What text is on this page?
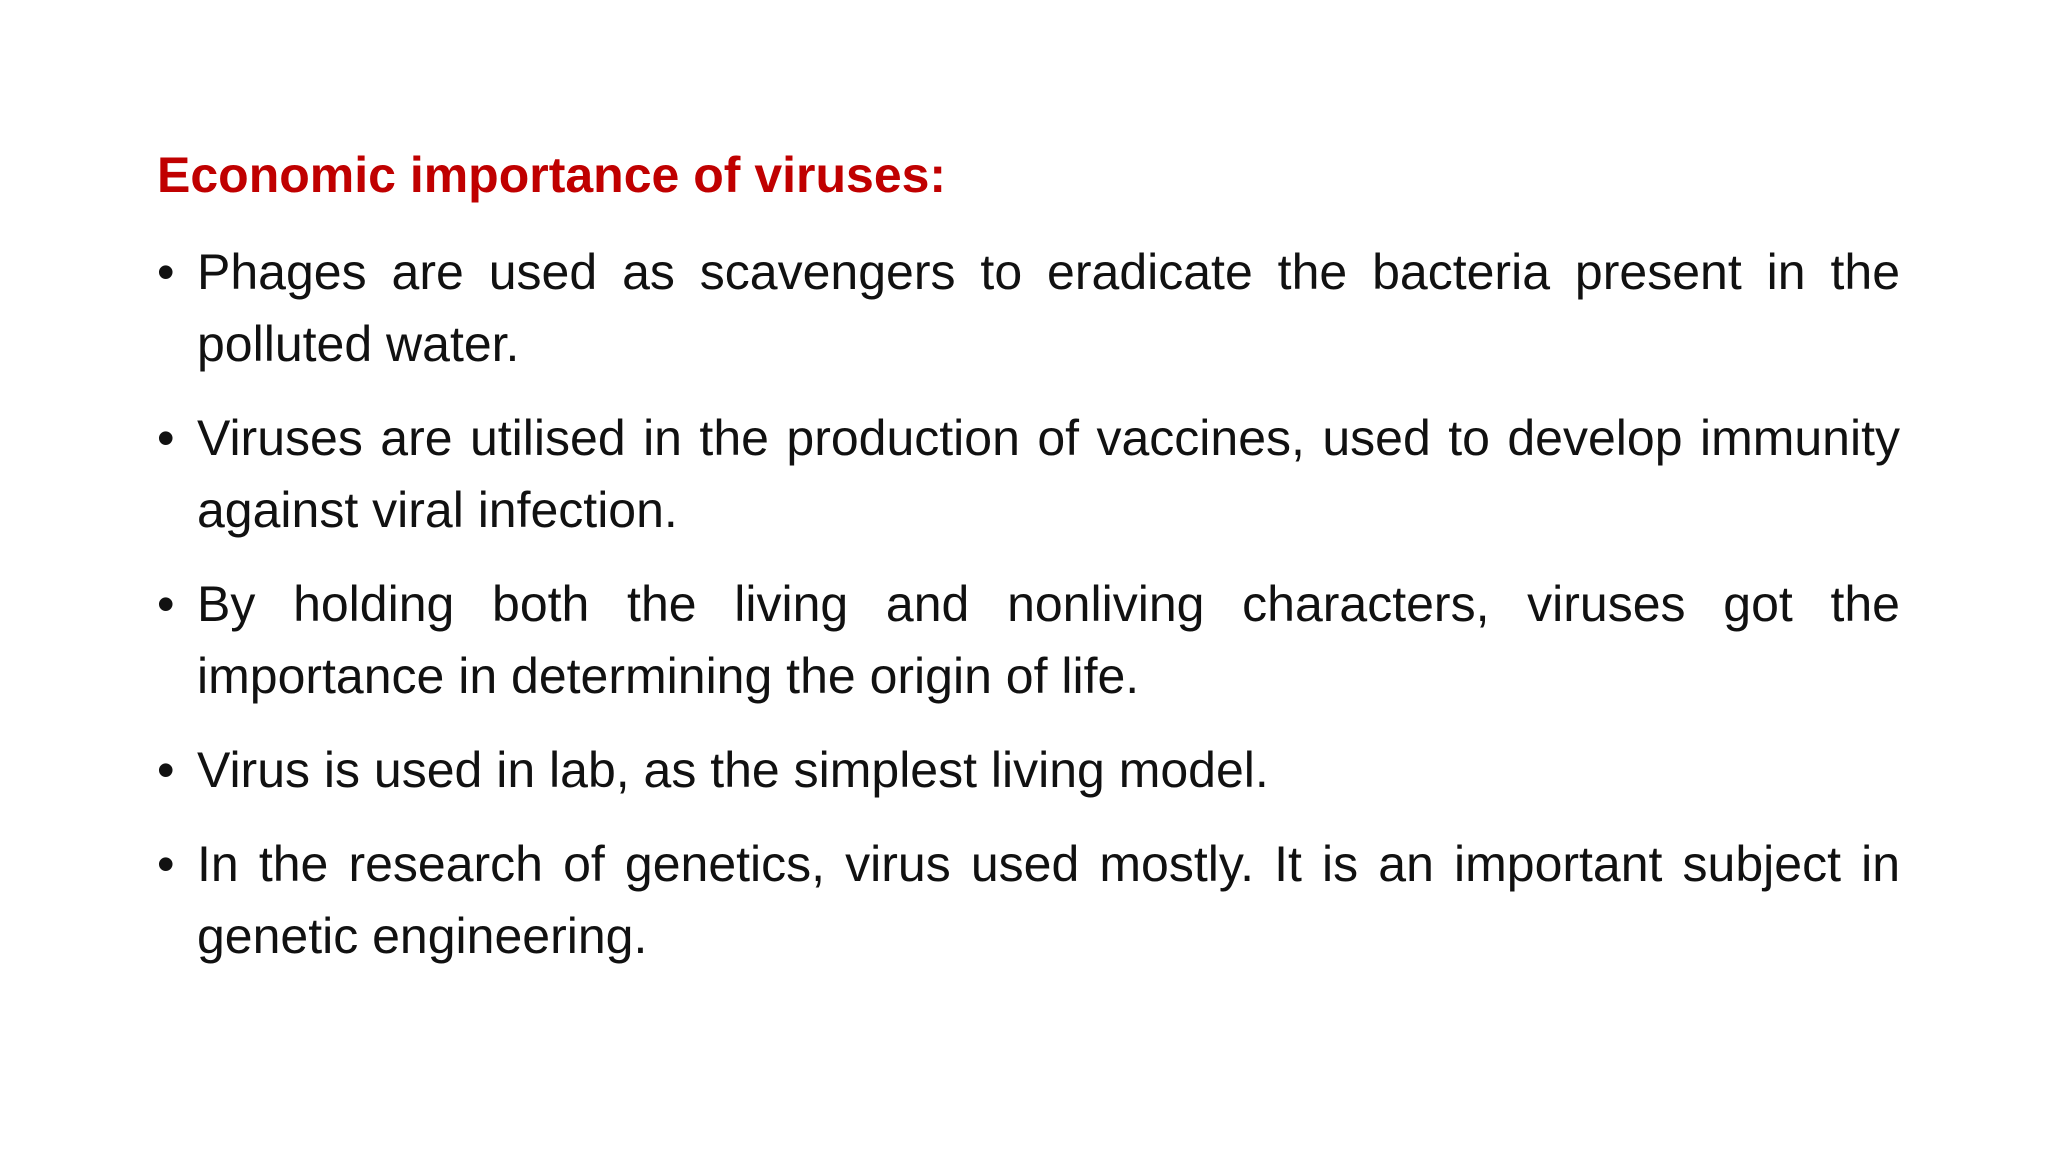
Economic importance of viruses:
• Phages are used as scavengers to eradicate the bacteria present in the polluted water.
• Viruses are utilised in the production of vaccines, used to develop immunity against viral infection.
• By holding both the living and nonliving characters, viruses got the importance in determining the origin of life.
• Virus is used in lab, as the simplest living model.
• In the research of genetics, virus used mostly. It is an important subject in genetic engineering.
